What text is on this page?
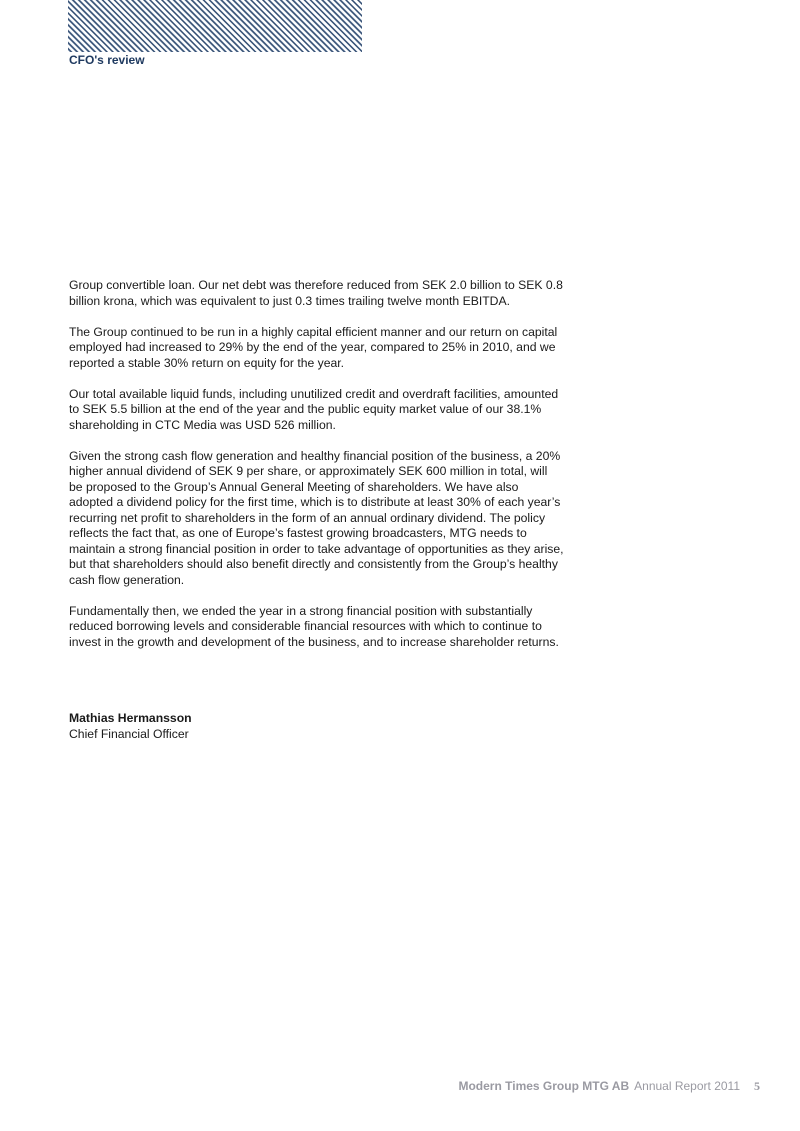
CFO's review

Group convertible loan. Our net debt was therefore reduced from SEK 2.0 billion to SEK 0.8 billion krona, which was equivalent to just 0.3 times trailing twelve month EBITDA.

The Group continued to be run in a highly capital efficient manner and our return on capital employed had increased to 29% by the end of the year, compared to 25% in 2010, and we reported a stable 30% return on equity for the year.

Our total available liquid funds, including unutilized credit and overdraft facilities, amounted to SEK 5.5 billion at the end of the year and the public equity market value of our 38.1% shareholding in CTC Media was USD 526 million.

Given the strong cash flow generation and healthy financial position of the business, a 20% higher annual dividend of SEK 9 per share, or approximately SEK 600 million in total, will be proposed to the Group’s Annual General Meeting of shareholders. We have also adopted a dividend policy for the first time, which is to distribute at least 30% of each year’s recurring net profit to shareholders in the form of an annual ordinary dividend. The policy reflects the fact that, as one of Europe’s fastest growing broadcasters, MTG needs to maintain a strong financial position in order to take advantage of opportunities as they arise, but that shareholders should also benefit directly and consistently from the Group’s healthy cash flow generation.

Fundamentally then, we ended the year in a strong financial position with substantially reduced borrowing levels and considerable financial resources with which to continue to invest in the growth and development of the business, and to increase shareholder returns.

Mathias Hermansson
Chief Financial Officer
Modern Times Group MTG AB Annual Report 2011 5
